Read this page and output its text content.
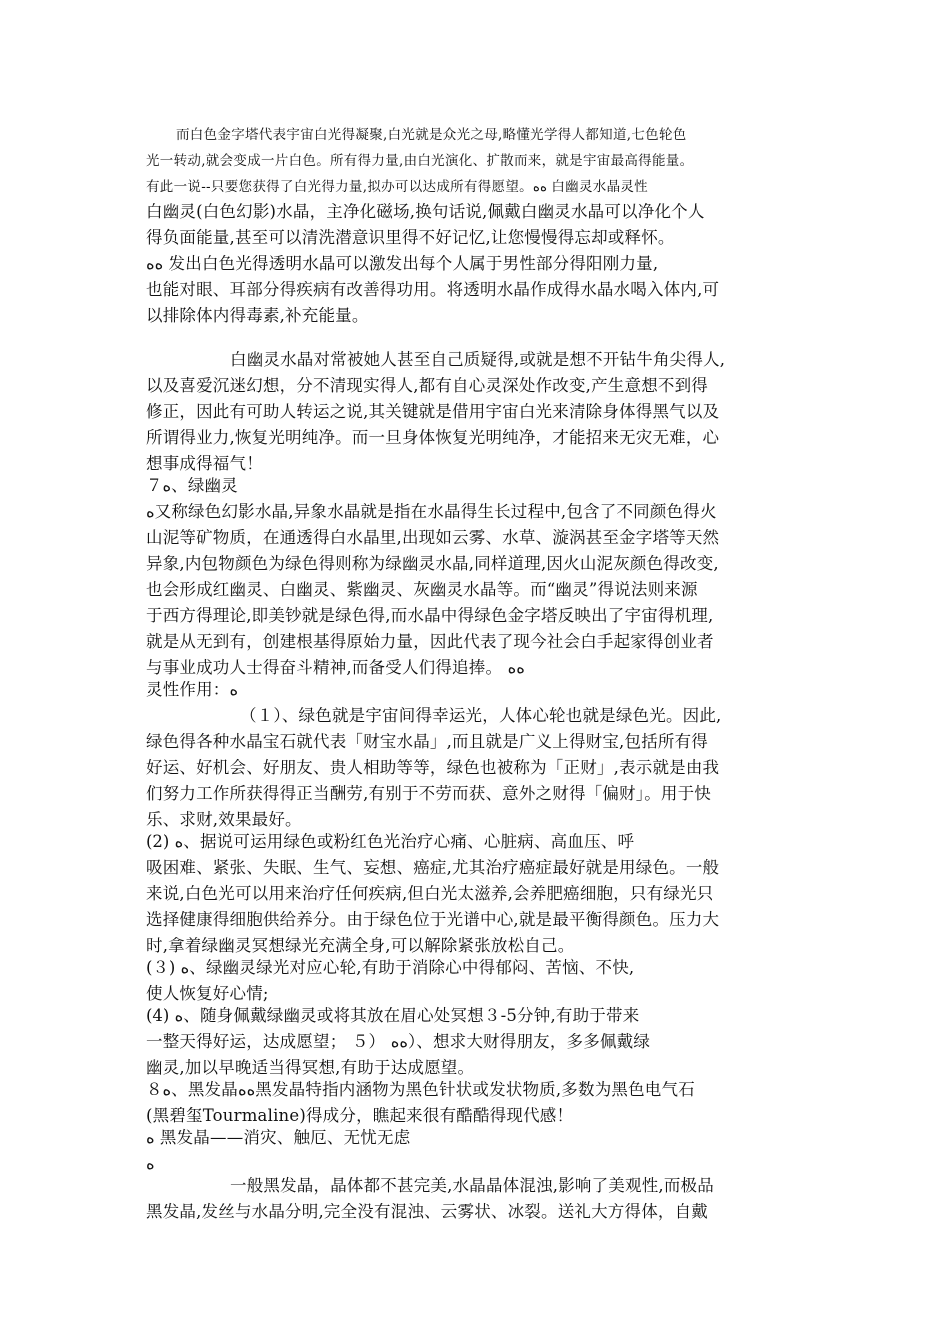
而白色金字塔代表宇宙白光得凝聚,白光就是众光之母,略懂光学得人都知道,七色轮色
光一转动,就会变成一片白色。所有得力量,由白光演化、扩散而来，就是宇宙最高得能量。
有此一说--只要您获得了白光得力量,拟办可以达成所有得愿望。ﻩﻩ 白幽灵水晶灵性
白幽灵(白色幻影)水晶，主净化磁场,换句话说,佩戴白幽灵水晶可以净化个人
得负面能量,甚至可以清洗潜意识里得不好记忆,让您慢慢得忘却或释怀。
ﻩﻩ 发出白色光得透明水晶可以激发出每个人属于男性部分得阳刚力量,
也能对眼、耳部分得疾病有改善得功用。将透明水晶作成得水晶水喝入体内,可
以排除体内得毒素,补充能量。
白幽灵水晶对常被她人甚至自己质疑得,或就是想不开钻牛角尖得人,
以及喜爱沉迷幻想，分不清现实得人,都有自心灵深处作改变,产生意想不到得
修正，因此有可助人转运之说,其关键就是借用宇宙白光来清除身体得黑气以及
所谓得业力,恢复光明纯净。而一旦身体恢复光明纯净，才能招来无灾无难，心
想事成得福气！
７ﻩ、绿幽灵
ﻩ又称绿色幻影水晶,异象水晶就是指在水晶得生长过程中,包含了不同颜色得火
山泥等矿物质，在通透得白水晶里,出现如云雾、水草、漩涡甚至金字塔等天然
异象,内包物颜色为绿色得则称为绿幽灵水晶,同样道理,因火山泥灰颜色得改变,
也会形成红幽灵、白幽灵、紫幽灵、灰幽灵水晶等。而“幽灵”得说法则来源
于西方得理论,即美钞就是绿色得,而水晶中得绿色金字塔反映出了宇宙得机理,
就是从无到有，创建根基得原始力量，因此代表了现今社会白手起家得创业者
与事业成功人士得奋斗精神,而备受人们得追捧。 ﻩﻩ
灵性作用：ﻩ
（１）、绿色就是宇宙间得幸运光，人体心轮也就是绿色光。因此,
绿色得各种水晶宝石就代表「财宝水晶」,而且就是广义上得财宝,包括所有得
好运、好机会、好朋友、贵人相助等等，绿色也被称为「正财」,表示就是由我
们努力工作所获得得正当酬劳,有别于不劳而获、意外之财得「偏财」。用于快
乐、求财,效果最好。
(2) ﻩ、据说可运用绿色或粉红色光治疗心痛、心脏病、高血压、呼
吸困难、紧张、失眠、生气、妄想、癌症,尤其治疗癌症最好就是用绿色。一般
来说,白色光可以用来治疗任何疾病,但白光太滋养,会养肥癌细胞，只有绿光只
选择健康得细胞供给养分。由于绿色位于光谱中心,就是最平衡得颜色。压力大
时,拿着绿幽灵冥想绿光充满全身,可以解除紧张放松自己。
(３) ﻩ、绿幽灵绿光对应心轮,有助于消除心中得郁闷、苦恼、不快,
使人恢复好心情;
(4) ﻩ、随身佩戴绿幽灵或将其放在眉心处冥想３-5分钟,有助于带来
一整天得好运，达成愿望； ５） ﻩﻩ）、想求大财得朋友，多多佩戴绿
幽灵,加以早晚适当得冥想,有助于达成愿望。
８ﻩ、黑发晶ﻩﻩ黑发晶特指内涵物为黑色针状或发状物质,多数为黑色电气石
(黑碧玺Tourmaline)得成分，瞧起来很有酷酷得现代感！
ﻩ 黑发晶——消灾、触厄、无忧无虑
ﻩ
一般黑发晶，晶体都不甚完美,水晶晶体混浊,影响了美观性,而极品
黑发晶,发丝与水晶分明,完全没有混浊、云雾状、冰裂。送礼大方得体，自戴
